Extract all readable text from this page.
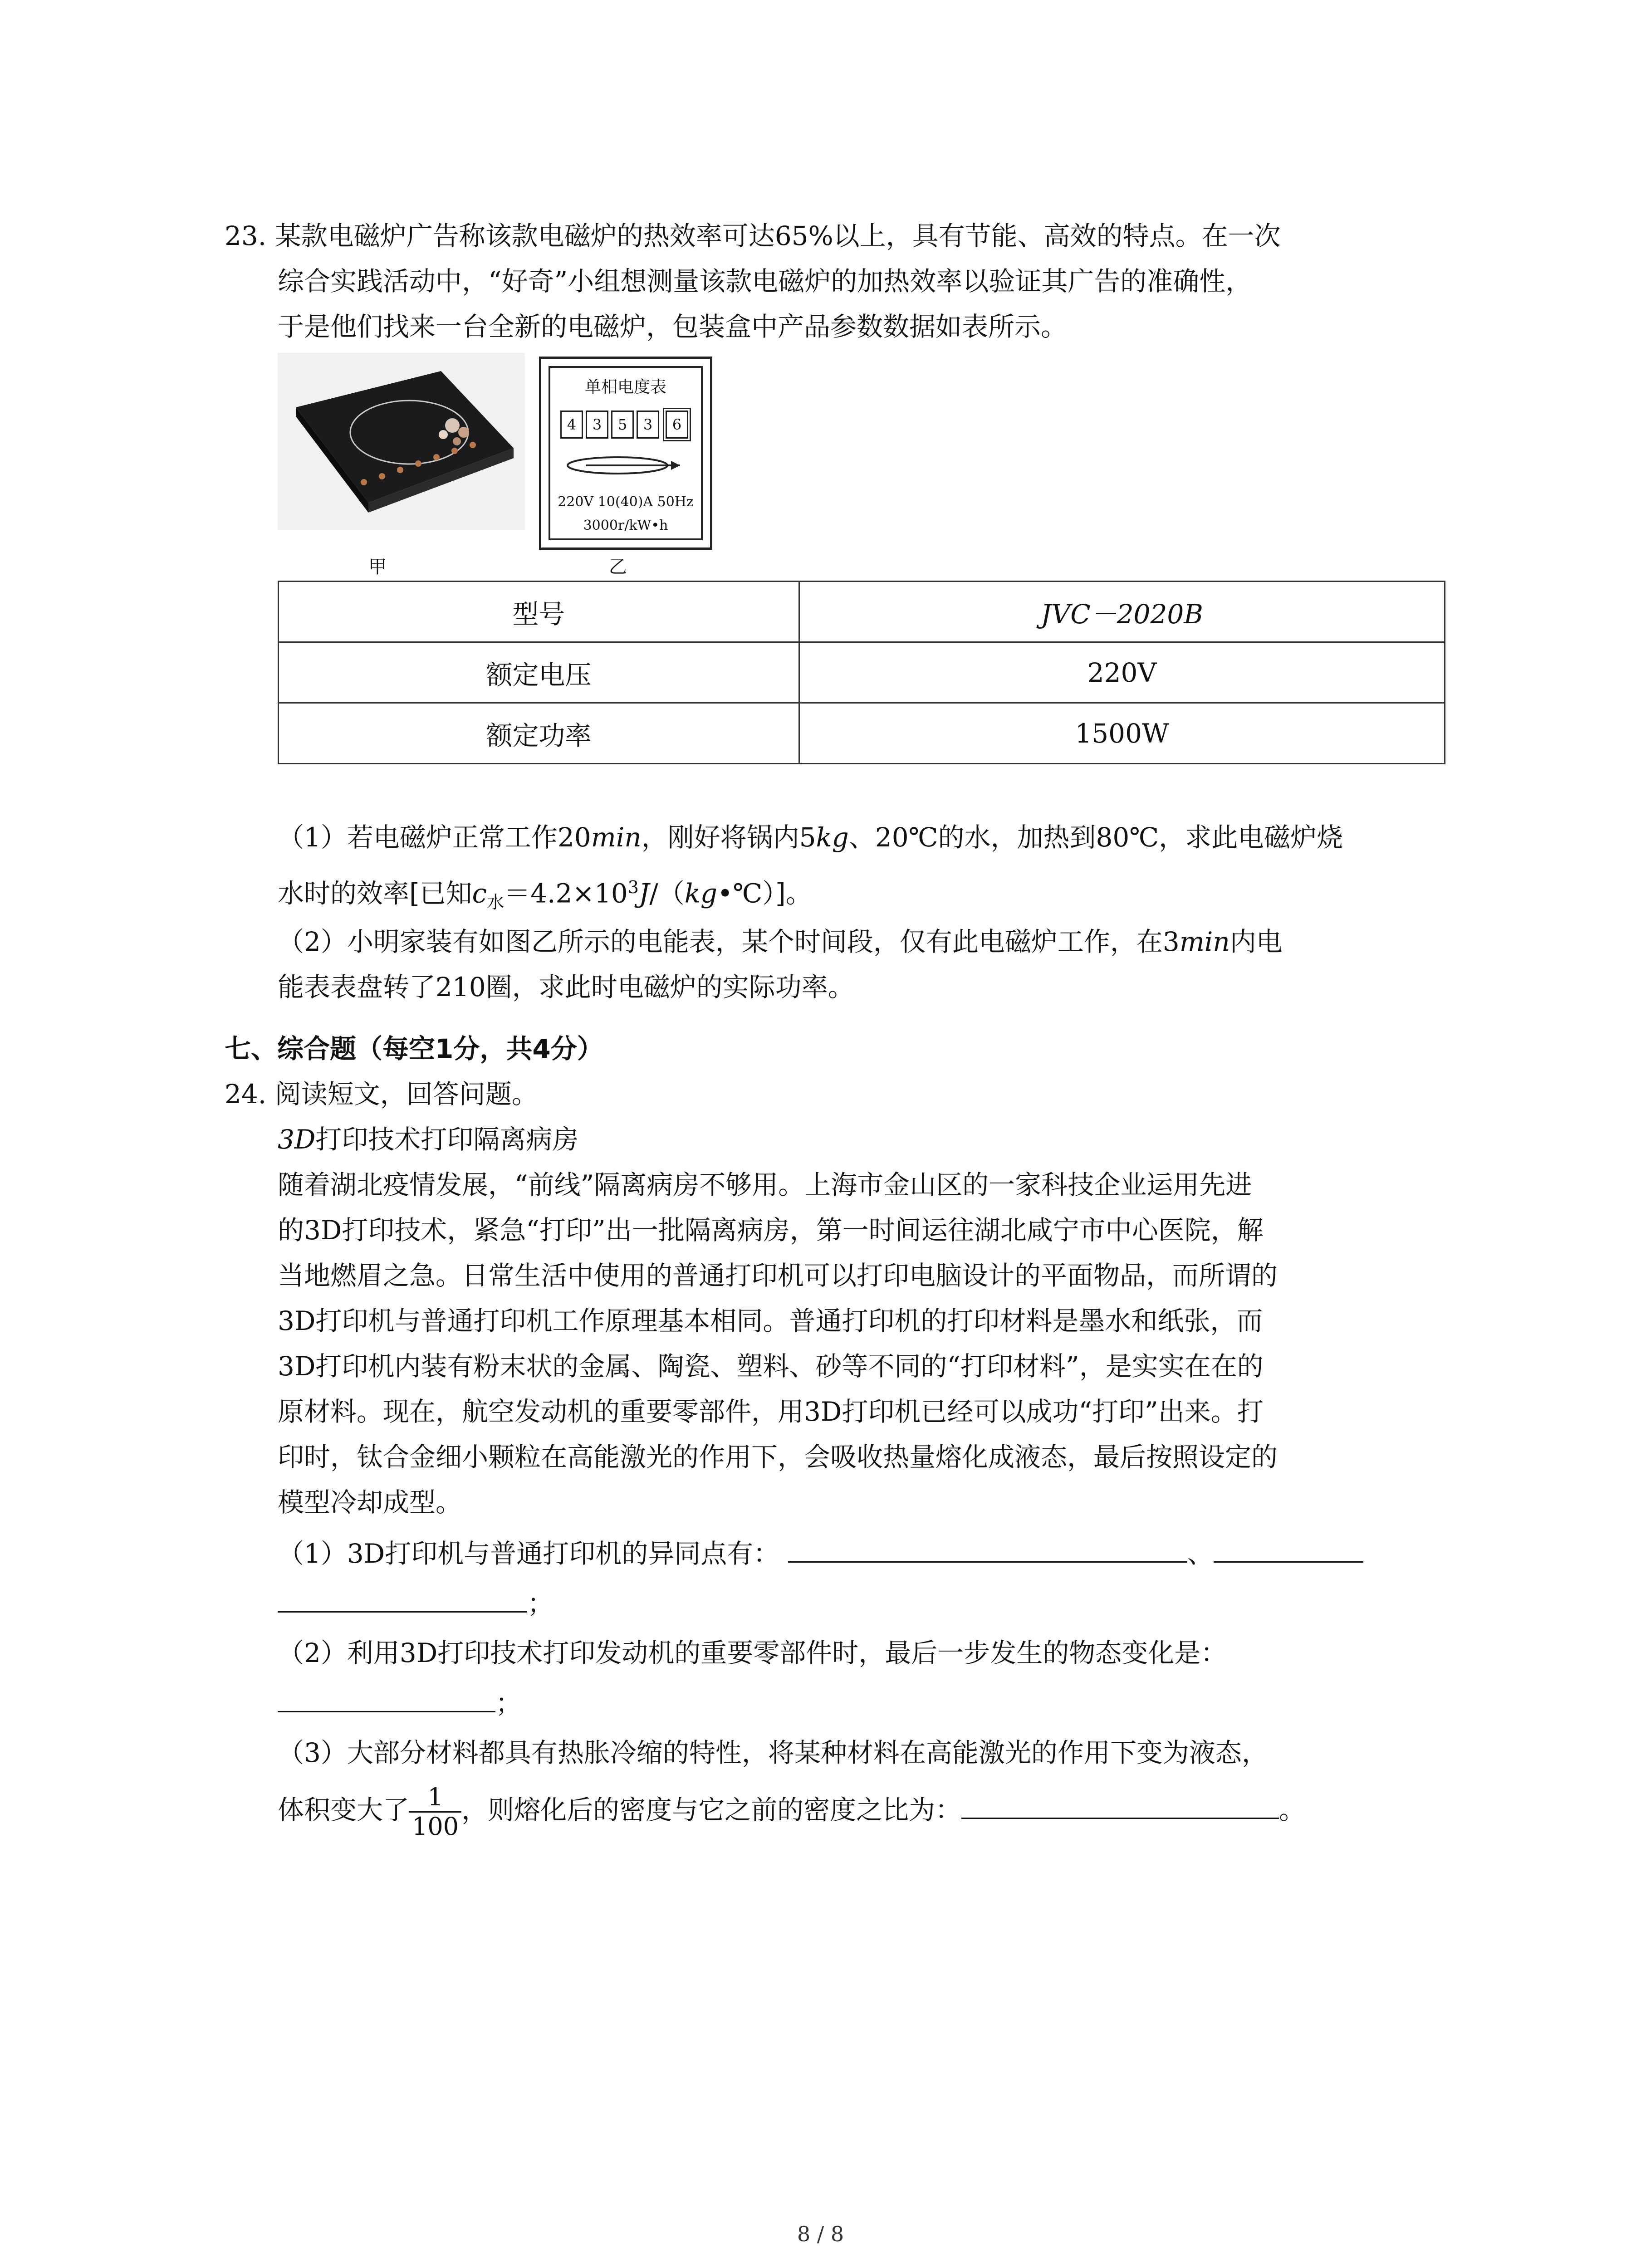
23. 某款电磁炉广告称该款电磁炉的热效率可达65%以上，具有节能、高效的特点。在一次
综合实践活动中，“好奇”小组想测量该款电磁炉的加热效率以验证其广告的准确性，
于是他们找来一台全新的电磁炉，包装盒中产品参数数据如表所示。
甲
单相电度表
4	3	5	3	6
220V 10(40)A 50Hz
3000r/kW•h
乙
型号	JVC－2020B
额定电压	220V
额定功率	1500W
（1）若电磁炉正常工作20min，刚好将锅内5kg、20℃的水，加热到80℃，求此电磁炉烧
水时的效率[已知$c_水=4.2\times 10^3J/(kg•℃)$]。
（2）小明家装有如图乙所示的电能表，某个时间段，仅有此电磁炉工作，在3min内电
能表表盘转了210圈，求此时电磁炉的实际功率。
七、综合题（每空1分，共4分）
24. 阅读短文，回答问题。
3D打印技术打印隔离病房
随着湖北疫情发展，“前线”隔离病房不够用。上海市金山区的一家科技企业运用先进
的3D打印技术，紧急“打印”出一批隔离病房，第一时间运往湖北咸宁市中心医院，解
当地燃眉之急。日常生活中使用的普通打印机可以打印电脑设计的平面物品，而所谓的
3D打印机与普通打印机工作原理基本相同。普通打印机的打印材料是墨水和纸张，而
3D打印机内装有粉末状的金属、陶瓷、塑料、砂等不同的“打印材料”，是实实在在的
原材料。现在，航空发动机的重要零部件，用3D打印机已经可以成功“打印”出来。打
印时，钛合金细小颗粒在高能激光的作用下，会吸收热量熔化成液态，最后按照设定的
模型冷却成型。
（1）3D打印机与普通打印机的异同点有：	、
；
（2）利用3D打印技术打印发动机的重要零部件时，最后一步发生的物态变化是：
；
（3）大部分材料都具有热胀冷缩的特性，将某种材料在高能激光的作用下变为液态，
体积变大了 $\frac{1}{100}$ ，则熔化后的密度与它之前的密度之比为：	。
8 / 8
